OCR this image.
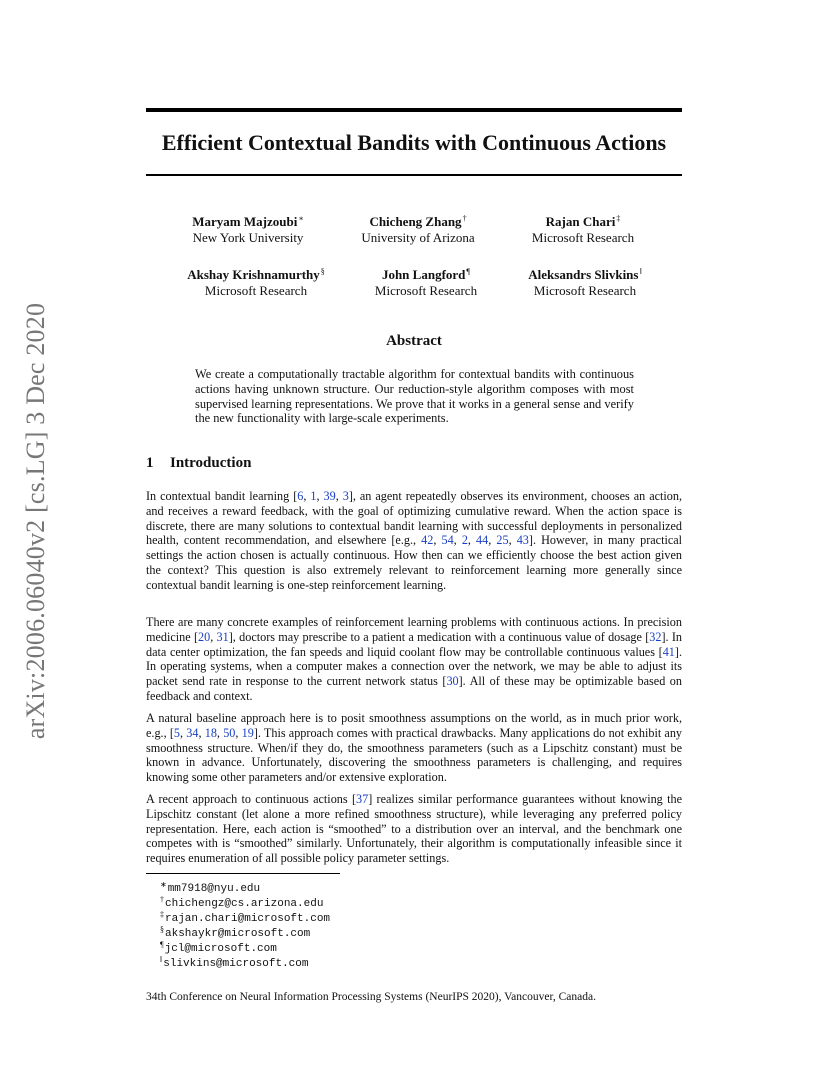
arXiv:2006.06040v2 [cs.LG] 3 Dec 2020
Efficient Contextual Bandits with Continuous Actions
Maryam Majzoubi∗
New York University
Chicheng Zhang†
University of Arizona
Rajan Chari‡
Microsoft Research
Akshay Krishnamurthy§
Microsoft Research
John Langford¶
Microsoft Research
Aleksandrs Slivkins‖
Microsoft Research
Abstract
We create a computationally tractable algorithm for contextual bandits with continuous actions having unknown structure. Our reduction-style algorithm composes with most supervised learning representations. We prove that it works in a general sense and verify the new functionality with large-scale experiments.
1 Introduction
In contextual bandit learning [6, 1, 39, 3], an agent repeatedly observes its environment, chooses an action, and receives a reward feedback, with the goal of optimizing cumulative reward. When the action space is discrete, there are many solutions to contextual bandit learning with successful deployments in personalized health, content recommendation, and elsewhere [e.g., 42, 54, 2, 44, 25, 43]. However, in many practical settings the action chosen is actually continuous. How then can we efficiently choose the best action given the context? This question is also extremely relevant to reinforcement learning more generally since contextual bandit learning is one-step reinforcement learning.
There are many concrete examples of reinforcement learning problems with continuous actions. In precision medicine [20, 31], doctors may prescribe to a patient a medication with a continuous value of dosage [32]. In data center optimization, the fan speeds and liquid coolant flow may be controllable continuous values [41]. In operating systems, when a computer makes a connection over the network, we may be able to adjust its packet send rate in response to the current network status [30]. All of these may be optimizable based on feedback and context.
A natural baseline approach here is to posit smoothness assumptions on the world, as in much prior work, e.g., [5, 34, 18, 50, 19]. This approach comes with practical drawbacks. Many applications do not exhibit any smoothness structure. When/if they do, the smoothness parameters (such as a Lipschitz constant) must be known in advance. Unfortunately, discovering the smoothness parameters is challenging, and requires knowing some other parameters and/or extensive exploration.
A recent approach to continuous actions [37] realizes similar performance guarantees without knowing the Lipschitz constant (let alone a more refined smoothness structure), while leveraging any preferred policy representation. Here, each action is “smoothed” to a distribution over an interval, and the benchmark one competes with is “smoothed” similarly. Unfortunately, their algorithm is computationally infeasible since it requires enumeration of all possible policy parameter settings.
∗mm7918@nyu.edu
†chichengz@cs.arizona.edu
‡rajan.chari@microsoft.com
§akshaykr@microsoft.com
¶jcl@microsoft.com
‖slivkins@microsoft.com
34th Conference on Neural Information Processing Systems (NeurIPS 2020), Vancouver, Canada.
